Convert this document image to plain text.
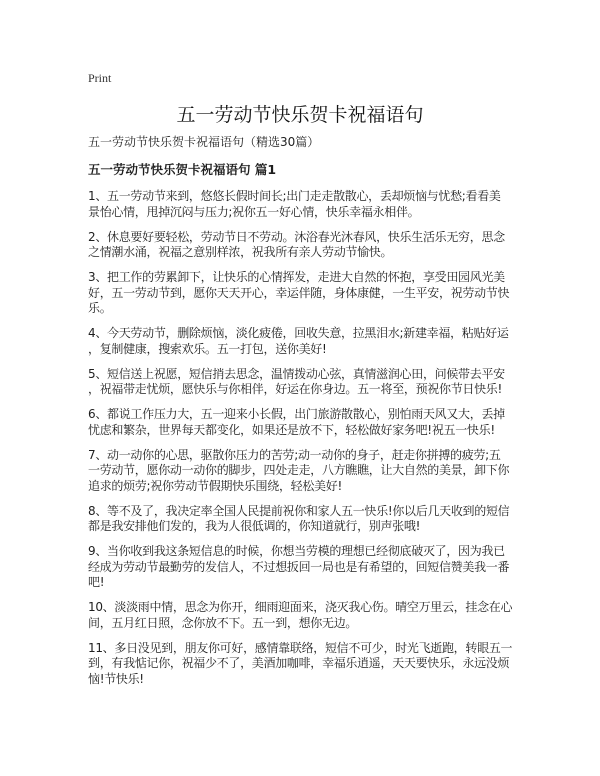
Print
五一劳动节快乐贺卡祝福语句
五一劳动节快乐贺卡祝福语句（精选30篇）
五一劳动节快乐贺卡祝福语句 篇1

1、五一劳动节来到，悠悠长假时间长;出门走走散散心，丢却烦恼与忧愁;看看美
景怡心情，甩掉沉闷与压力;祝你五一好心情，快乐幸福永相伴。

2、休息要好要轻松，劳动节日不劳动。沐浴春光沐春风，快乐生活乐无穷，思念
之情潮水涌，祝福之意别样浓，祝我所有亲人劳动节愉快。

3、把工作的劳累卸下，让快乐的心情挥发，走进大自然的怀抱，享受田园风光美
好，五一劳动节到，愿你天天开心，幸运伴随，身体康健，一生平安，祝劳动节快
乐。

4、今天劳动节，删除烦恼，淡化疲倦，回收失意，拉黑泪水;新建幸福，粘贴好运
，复制健康，搜索欢乐。五一打包，送你美好!

5、短信送上祝愿，短信捎去思念，温情拨动心弦，真情滋润心田，问候带去平安
，祝福带走忧烦，愿快乐与你相伴，好运在你身边。五一将至，预祝你节日快乐!

6、都说工作压力大，五一迎来小长假，出门旅游散散心，别怕雨天风又大，丢掉
忧虑和繁杂，世界每天都变化，如果还是放不下，轻松做好家务吧!祝五一快乐!

7、动一动你的心思，驱散你压力的苦劳;动一动你的身子，赶走你拼搏的疲劳;五
一劳动节，愿你动一动你的脚步，四处走走，八方瞧瞧，让大自然的美景，卸下你
追求的烦劳;祝你劳动节假期快乐围绕，轻松美好!

8、等不及了，我决定率全国人民提前祝你和家人五一快乐!你以后几天收到的短信
都是我安排他们发的，我为人很低调的，你知道就行，别声张哦!

9、当你收到我这条短信息的时候，你想当劳模的理想已经彻底破灭了，因为我已
经成为劳动节最勤劳的发信人，不过想扳回一局也是有希望的，回短信赞美我一番
吧!

10、淡淡雨中情，思念为你开，细雨迎面来，浇灭我心伤。晴空万里云，挂念在心
间，五月红日照，念你放不下。五一到，想你无边。

11、多日没见到，朋友你可好，感情靠联络，短信不可少，时光飞逝跑，转眼五一
到，有我惦记你，祝福少不了，美酒加咖啡，幸福乐逍遥，天天要快乐，永远没烦
恼!节快乐!
